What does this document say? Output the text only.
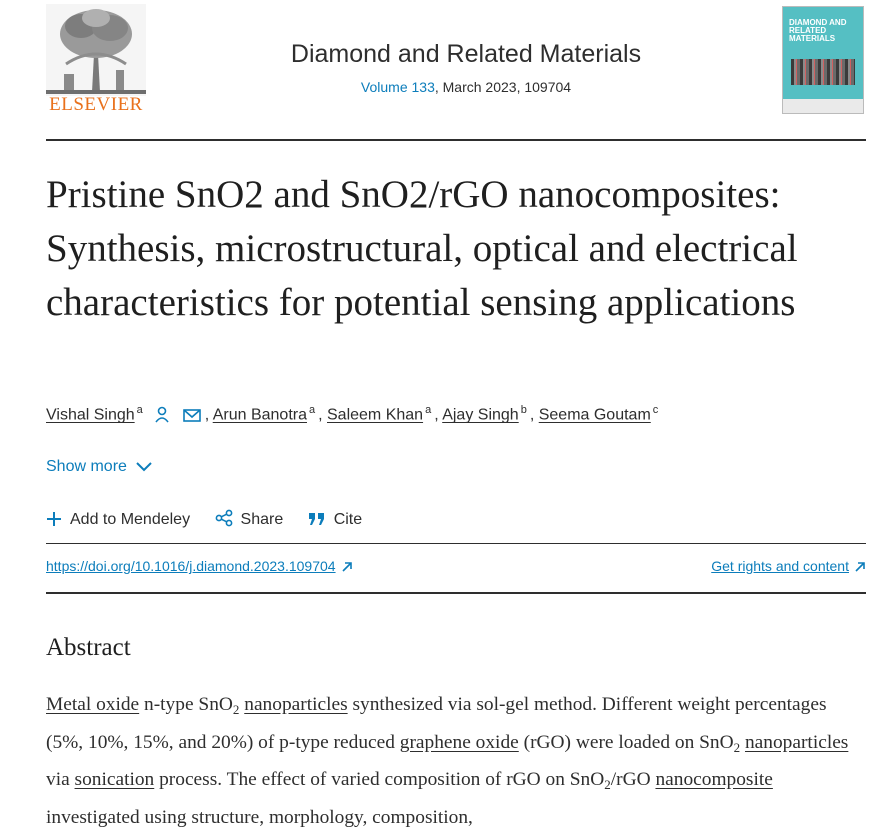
ELSEVIER
Diamond and Related Materials
Volume 133, March 2023, 109704
DIAMOND AND RELATED MATERIALS
Pristine SnO2 and SnO2/rGO nanocomposites: Synthesis, microstructural, optical and electrical characteristics for potential sensing applications
Vishal Singh $^a$	, Arun Banotra $^a$ , Saleem Khan $^a$ , Ajay Singh $^b$ , Seema Goutam $^c$
Show more
Add to Mendeley	Share	Cite
https://doi.org/10.1016/j.diamond.2023.109704	Get rights and content
Abstract

Metal oxide n-type SnO$_2$ nanoparticles synthesized via sol-gel method. Different weight percentages (5%, 10%, 15%, and 20%) of p-type reduced graphene oxide (rGO) were loaded on SnO$_2$ nanoparticles via sonication process. The effect of varied composition of rGO on SnO$_2$/rGO nanocomposite investigated using structure, morphology, composition,
